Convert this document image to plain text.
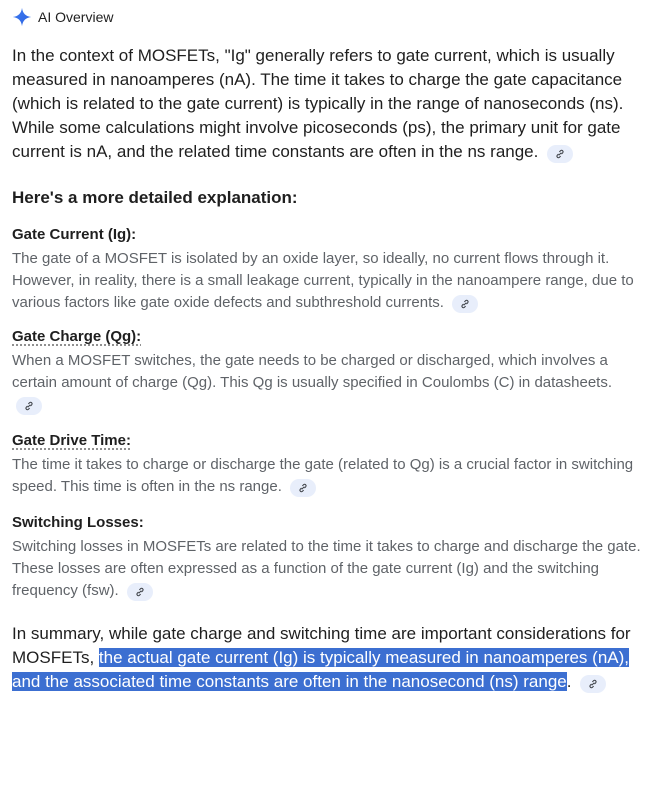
AI Overview
In the context of MOSFETs, "Ig" generally refers to gate current, which is usually measured in nanoamperes (nA). The time it takes to charge the gate capacitance (which is related to the gate current) is typically in the range of nanoseconds (ns). While some calculations might involve picoseconds (ps), the primary unit for gate current is nA, and the related time constants are often in the ns range.
Here's a more detailed explanation:
Gate Current (Ig):
The gate of a MOSFET is isolated by an oxide layer, so ideally, no current flows through it. However, in reality, there is a small leakage current, typically in the nanoampere range, due to various factors like gate oxide defects and subthreshold currents.
Gate Charge (Qg):
When a MOSFET switches, the gate needs to be charged or discharged, which involves a certain amount of charge (Qg). This Qg is usually specified in Coulombs (C) in datasheets.
Gate Drive Time:
The time it takes to charge or discharge the gate (related to Qg) is a crucial factor in switching speed. This time is often in the ns range.
Switching Losses:
Switching losses in MOSFETs are related to the time it takes to charge and discharge the gate. These losses are often expressed as a function of the gate current (Ig) and the switching frequency (fsw).
In summary, while gate charge and switching time are important considerations for MOSFETs, the actual gate current (Ig) is typically measured in nanoamperes (nA), and the associated time constants are often in the nanosecond (ns) range.
